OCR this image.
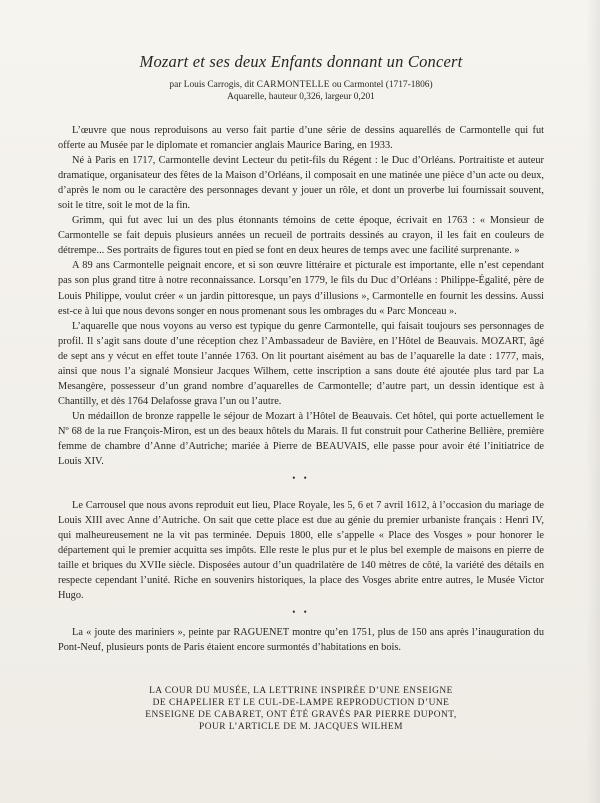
Mozart et ses deux Enfants donnant un Concert
par Louis Carrogis, dit CARMONTELLE ou Carmontel (1717-1806)
Aquarelle, hauteur 0,326, largeur 0,201

L’œuvre que nous reproduisons au verso fait partie d’une série de dessins aquarellés de Carmontelle qui fut offerte au Musée par le diplomate et romancier anglais Maurice Baring, en 1933.

Né à Paris en 1717, Carmontelle devint Lecteur du petit-fils du Régent : le Duc d’Orléans. Portraitiste et auteur dramatique, organisateur des fêtes de la Maison d’Orléans, il composait en une matinée une pièce d’un acte ou deux, d’après le nom ou le caractère des personnages devant y jouer un rôle, et dont un proverbe lui fournissait souvent, soit le titre, soit le mot de la fin.

Grimm, qui fut avec lui un des plus étonnants témoins de cette époque, écrivait en 1763 : « Monsieur de Carmontelle se fait depuis plusieurs années un recueil de portraits dessinés au crayon, il les fait en couleurs de détrempe... Ses portraits de figures tout en pied se font en deux heures de temps avec une facilité surprenante. »

A 89 ans Carmontelle peignait encore, et si son œuvre littéraire et picturale est importante, elle n’est cependant pas son plus grand titre à notre reconnaissance. Lorsqu’en 1779, le fils du Duc d’Orléans : Philippe-Égalité, père de Louis Philippe, voulut créer « un jardin pittoresque, un pays d’illusions », Carmontelle en fournit les dessins. Aussi est-ce à lui que nous devons songer en nous promenant sous les ombrages du « Parc Monceau ».

L’aquarelle que nous voyons au verso est typique du genre Carmontelle, qui faisait toujours ses personnages de profil. Il s’agit sans doute d’une réception chez l’Ambassadeur de Bavière, en l’Hôtel de Beauvais. MOZART, âgé de sept ans y vécut en effet toute l’année 1763. On lit pourtant aisément au bas de l’aquarelle la date : 1777, mais, ainsi que nous l’a signalé Monsieur Jacques Wilhem, cette inscription a sans doute été ajoutée plus tard par La Mesangère, possesseur d’un grand nombre d’aquarelles de Carmontelle; d’autre part, un dessin identique est à Chantilly, et dès 1764 Delafosse grava l’un ou l’autre.

Un médaillon de bronze rappelle le séjour de Mozart à l’Hôtel de Beauvais. Cet hôtel, qui porte actuellement le Nº 68 de la rue François-Miron, est un des beaux hôtels du Marais. Il fut construit pour Catherine Bellière, première femme de chambre d’Anne d’Autriche; mariée à Pierre de BEAUVAIS, elle passe pour avoir été l’initiatrice de Louis XIV.

• •

Le Carrousel que nous avons reproduit eut lieu, Place Royale, les 5, 6 et 7 avril 1612, à l’occasion du mariage de Louis XIII avec Anne d’Autriche. On sait que cette place est due au génie du premier urbaniste français : Henri IV, qui malheureusement ne la vit pas terminée. Depuis 1800, elle s’appelle « Place des Vosges » pour honorer le département qui le premier acquitta ses impôts. Elle reste le plus pur et le plus bel exemple de maisons en pierre de taille et briques du XVIIe siècle. Disposées autour d’un quadrilatère de 140 mètres de côté, la variété des détails en respecte cependant l’unité. Riche en souvenirs historiques, la place des Vosges abrite entre autres, le Musée Victor Hugo.

• •

La « joute des mariniers », peinte par RAGUENET montre qu’en 1751, plus de 150 ans après l’inauguration du Pont-Neuf, plusieurs ponts de Paris étaient encore surmontés d’habitations en bois.

LA COUR DU MUSÉE, LA LETTRINE INSPIRÉE D’UNE ENSEIGNE
DE CHAPELIER ET LE CUL-DE-LAMPE REPRODUCTION D’UNE
ENSEIGNE DE CABARET, ONT ÉTÉ GRAVÉS PAR PIERRE DUPONT,
POUR L’ARTICLE DE M. JACQUES WILHEM
